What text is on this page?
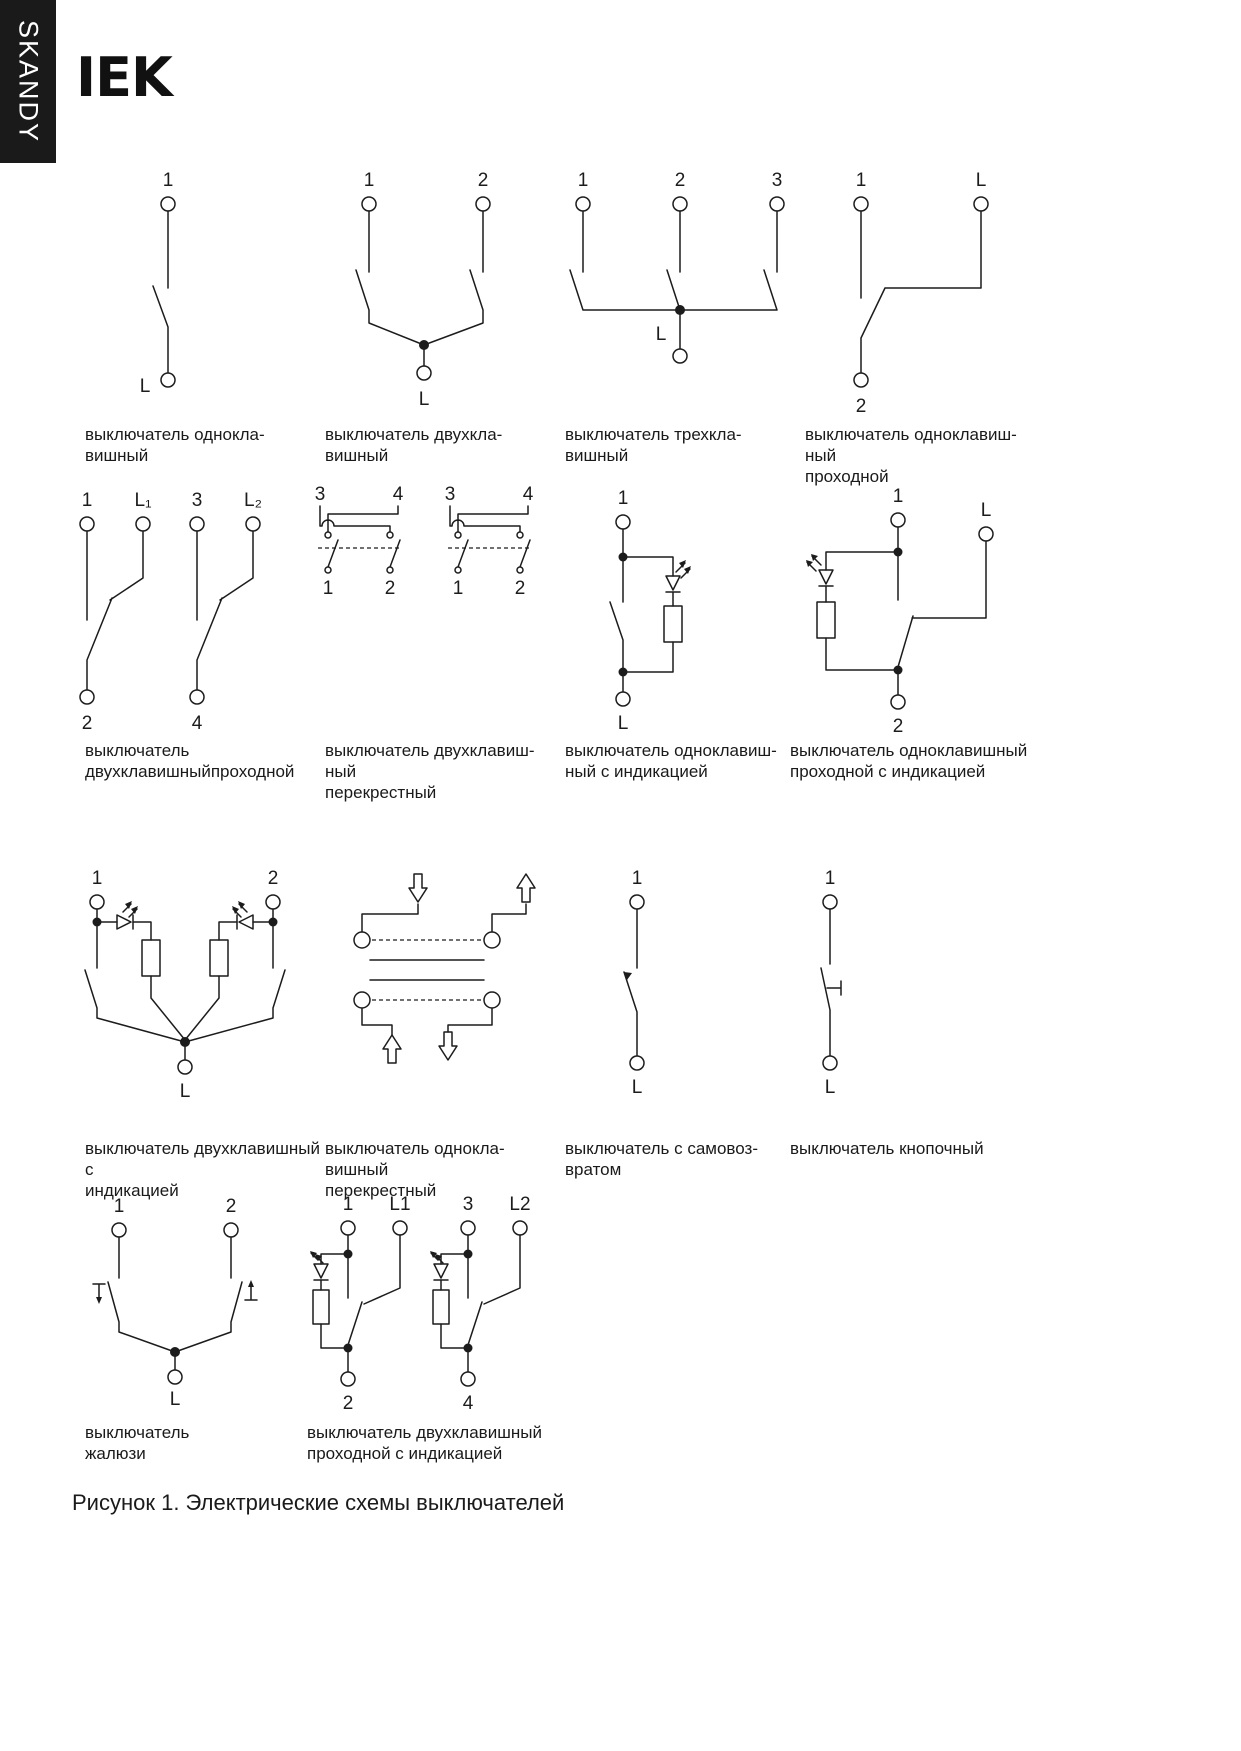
SKANDY IEK
1
L
1	2
L
1	2	3
L
1	L
2
выключатель однокла-вишный
выключатель двухкла-вишный
выключатель трехкла-вишный
выключатель одноклавиш-ный
проходной
1 L₁ 3 L₂
2	4
3	4
1	2
3	4
1	2
1
L
1
L
2
выключатель
двухклавишныйпроходной
выключатель двухклавиш-ный
перекрестный
выключатель одноклавиш-
ный с индикацией
выключатель одноклавишный
проходной с индикацией
1	2
L
1
L
1
L
выключатель двухклавишный с
индикацией
выключатель однокла-вишный
перекрестный
выключатель с самовоз-
вратом
выключатель кнопочный
1	2
L
1 L1
2
3 L2
4
выключатель
жалюзи
выключатель двухклавишный
проходной с индикацией
Рисунок 1. Электрические схемы выключателей
